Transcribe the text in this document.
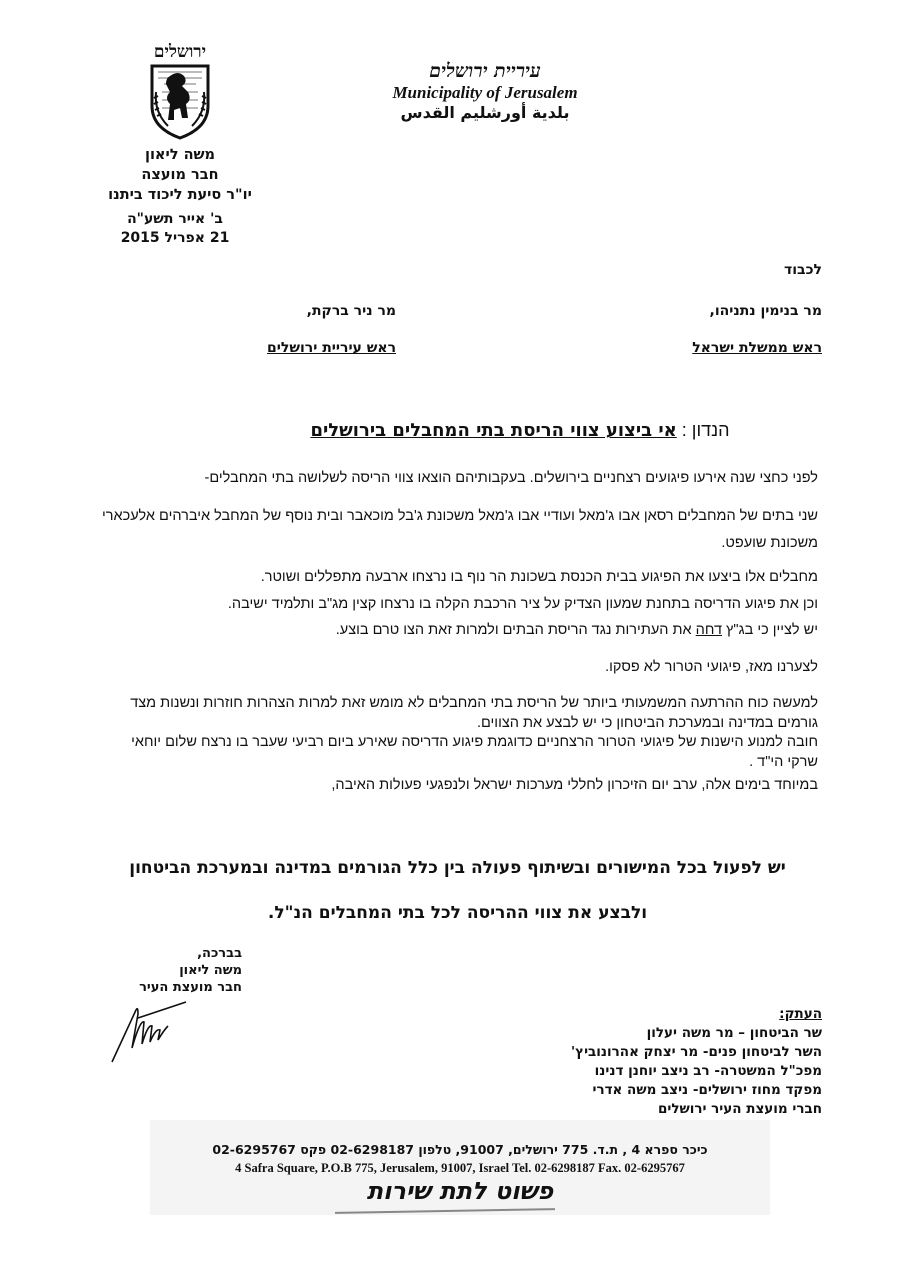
ירושלים
משה ליאון
חבר מועצה
יו"ר סיעת ליכוד ביתנו
ב' אייר תשע"ה
21 אפריל 2015
עיריית ירושלים
Municipality of Jerusalem
بلدية أورشليم القدس
לכבוד
מר בנימין נתניהו,
ראש ממשלת ישראל
מר ניר ברקת,
ראש עיריית ירושלים
הנדון : אי ביצוע צווי הריסת בתי המחבלים בירושלים
לפני כחצי שנה אירעו פיגועים רצחניים בירושלים. בעקבותיהם הוצאו צווי הריסה לשלושה בתי המחבלים-
שני בתים של המחבלים רסאן אבו ג'מאל ועודיי אבו ג'מאל משכונת ג'בל מוכאבר ובית נוסף של המחבל איברהים אלעכארי משכונת שועפט.
מחבלים אלו ביצעו את הפיגוע בבית הכנסת בשכונת הר נוף בו נרצחו ארבעה מתפללים ושוטר.
וכן את פיגוע הדריסה בתחנת שמעון הצדיק על ציר הרכבת הקלה בו נרצחו קצין מג"ב ותלמיד ישיבה.
יש לציין כי בג"ץ דחה את העתירות נגד הריסת הבתים ולמרות זאת הצו טרם בוצע.
לצערנו מאז, פיגועי הטרור לא פסקו.
למעשה כוח ההרתעה המשמעותי ביותר של הריסת בתי המחבלים לא מומש זאת למרות הצהרות חוזרות ונשנות מצד גורמים במדינה ובמערכת הביטחון כי יש לבצע את הצווים.
חובה למנוע הישנות של פיגועי הטרור הרצחניים כדוגמת פיגוע הדריסה שאירע ביום רביעי שעבר בו נרצח שלום יוחאי שרקי הי"ד .
במיוחד בימים אלה, ערב יום הזיכרון לחללי מערכות ישראל ולנפגעי פעולות האיבה,
יש לפעול בכל המישורים ובשיתוף פעולה בין כלל הגורמים במדינה ובמערכת הביטחון
ולבצע את צווי ההריסה לכל בתי המחבלים הנ"ל.
בברכה,
משה ליאון
חבר מועצת העיר
העתק:
שר הביטחון – מר משה יעלון
השר לביטחון פנים- מר יצחק אהרונוביץ'
מפכ"ל המשטרה- רב ניצב יוחנן דנינו
מפקד מחוז ירושלים- ניצב משה אדרי
חברי מועצת העיר ירושלים
כיכר ספרא 4 , ת.ד. 775 ירושלים, 91007, טלפון 02-6298187 פקס 02-6295767
4 Safra Square, P.O.B 775, Jerusalem, 91007, Israel Tel. 02-6298187 Fax. 02-6295767
פשוט לתת שירות
